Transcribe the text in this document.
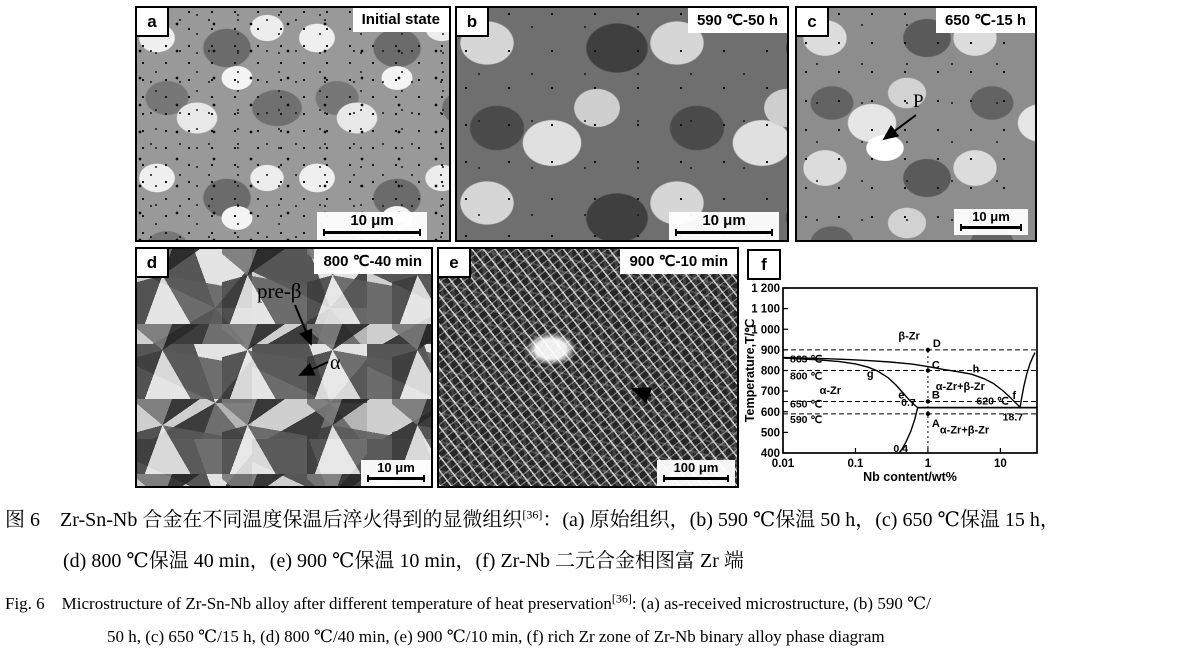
a	Initial state
10 μm
b	590 ℃-50 h
10 μm
c	650 ℃-15 h
P
10 μm
d	800 ℃-40 min
pre-β
α
10 μm
e	900 ℃-10 min
100 μm
f
400
500
600
700
800
900
1 000
1 100
1 200
0.01	0.1	1	10
Nb content/wt%
Temperature,T/℃	863 ℃
800 ℃
650 ℃
590 ℃
620 ℃
18.7
0.7
0.4
g	h
e	f
D
C
B
A
β-Zr
α-Zr	α-Zr+β-Zr
α-Zr+β-Zr
图 6　Zr-Sn-Nb 合金在不同温度保温后淬火得到的显微组织[36]：(a) 原始组织，(b) 590 ℃保温 50 h，(c) 650 ℃保温 15 h，
(d) 800 ℃保温 40 min，(e) 900 ℃保温 10 min，(f) Zr-Nb 二元合金相图富 Zr 端
Fig. 6　Microstructure of Zr-Sn-Nb alloy after different temperature of heat preservation[36]: (a) as-received microstructure, (b) 590 ℃/
50 h, (c) 650 ℃/15 h, (d) 800 ℃/40 min, (e) 900 ℃/10 min, (f) rich Zr zone of Zr-Nb binary alloy phase diagram
